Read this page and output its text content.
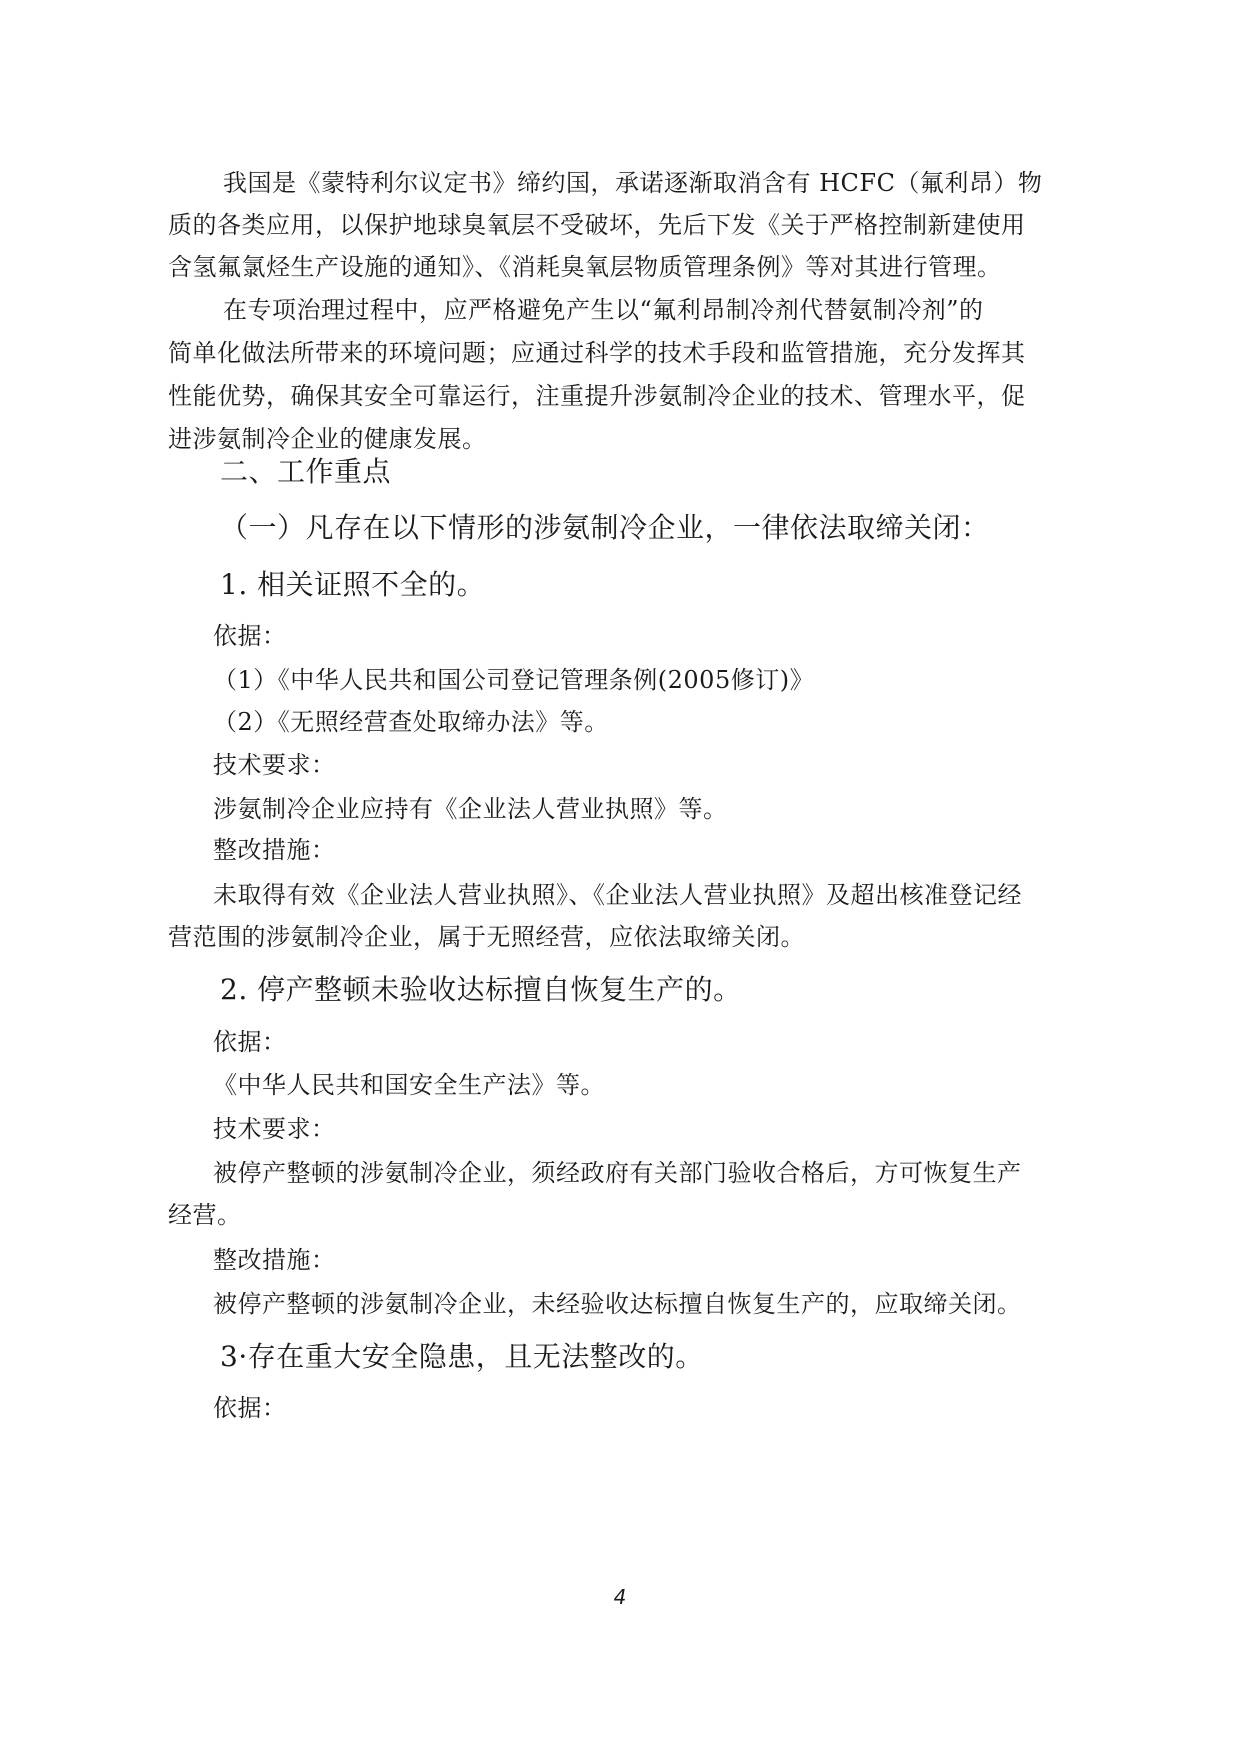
我国是《蒙特利尔议定书》缔约国，承诺逐渐取消含有 HCFC（氟利昂）物
质的各类应用，以保护地球臭氧层不受破坏，先后下发《关于严格控制新建使用
含氢氟氯烃生产设施的通知》、《消耗臭氧层物质管理条例》等对其进行管理。
在专项治理过程中，应严格避免产生以“氟利昂制冷剂代替氨制冷剂”的
简单化做法所带来的环境问题；应通过科学的技术手段和监管措施，充分发挥其
性能优势，确保其安全可靠运行，注重提升涉氨制冷企业的技术、管理水平，促
进涉氨制冷企业的健康发展。
二、工作重点
（一）凡存在以下情形的涉氨制冷企业，一律依法取缔关闭：
1. 相关证照不全的。
依据：
（1）《中华人民共和国公司登记管理条例(2005修订)》
（2）《无照经营查处取缔办法》等。
技术要求：
涉氨制冷企业应持有《企业法人营业执照》等。
整改措施：
未取得有效《企业法人营业执照》、《企业法人营业执照》及超出核准登记经
营范围的涉氨制冷企业，属于无照经营，应依法取缔关闭。
2. 停产整顿未验收达标擅自恢复生产的。
依据：
《中华人民共和国安全生产法》等。
技术要求：
被停产整顿的涉氨制冷企业，须经政府有关部门验收合格后，方可恢复生产
经营。
整改措施：
被停产整顿的涉氨制冷企业，未经验收达标擅自恢复生产的，应取缔关闭。
3·存在重大安全隐患，且无法整改的。
依据：
4
